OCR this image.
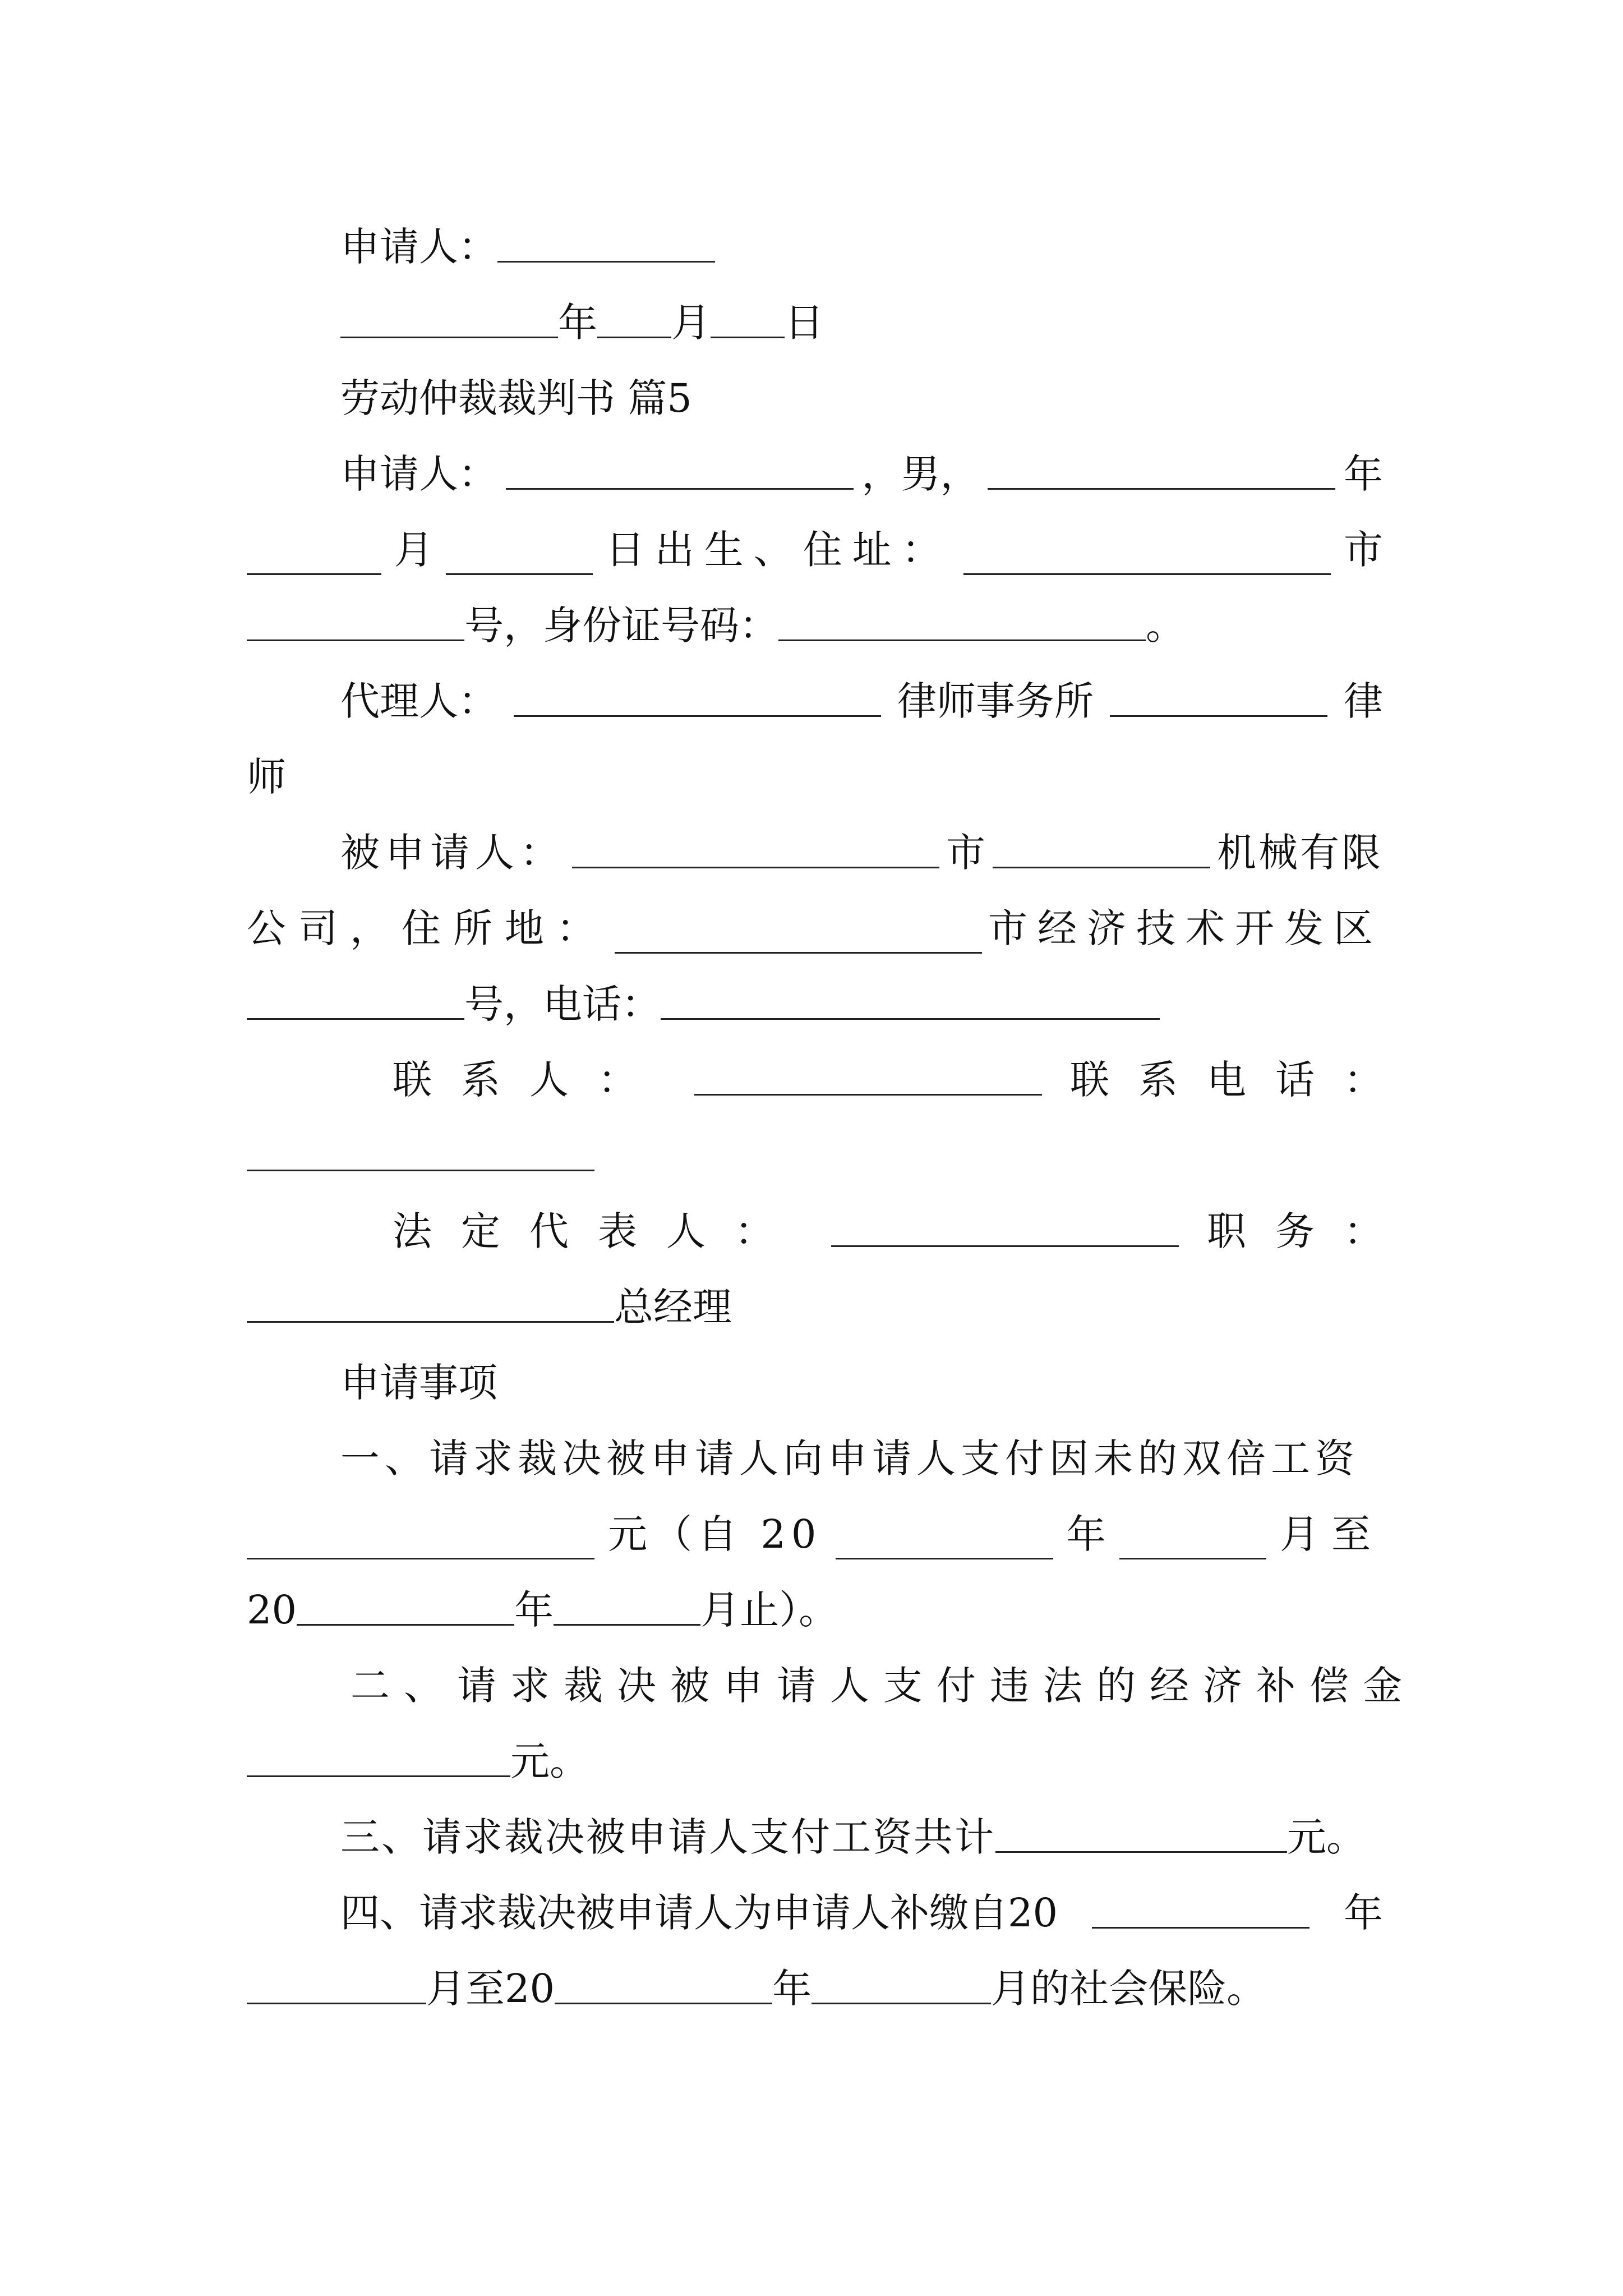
申请人：
年 月 日
劳动仲裁裁判书 篇5
申请人：	，男，	年
月	日出生、住址：	市
号，身份证号码：	。
代理人：	律师事务所	律
师
被申请人：	市	机械有限
公司，住所地：	市经济技术开发区
号，电话：
联系人：	联系电话：
法定代表人：	职务：
总经理
申请事项
一、请求裁决被申请人向申请人支付因未的双倍工资
元（自 20	年	月至
20	年	月止）。
二、请求裁决被申请人支付违法的经济补偿金
元。
三、请求裁决被申请人支付工资共计	元。
四、请求裁决被申请人为申请人补缴自20	年
月至20	年	月的社会保险。
